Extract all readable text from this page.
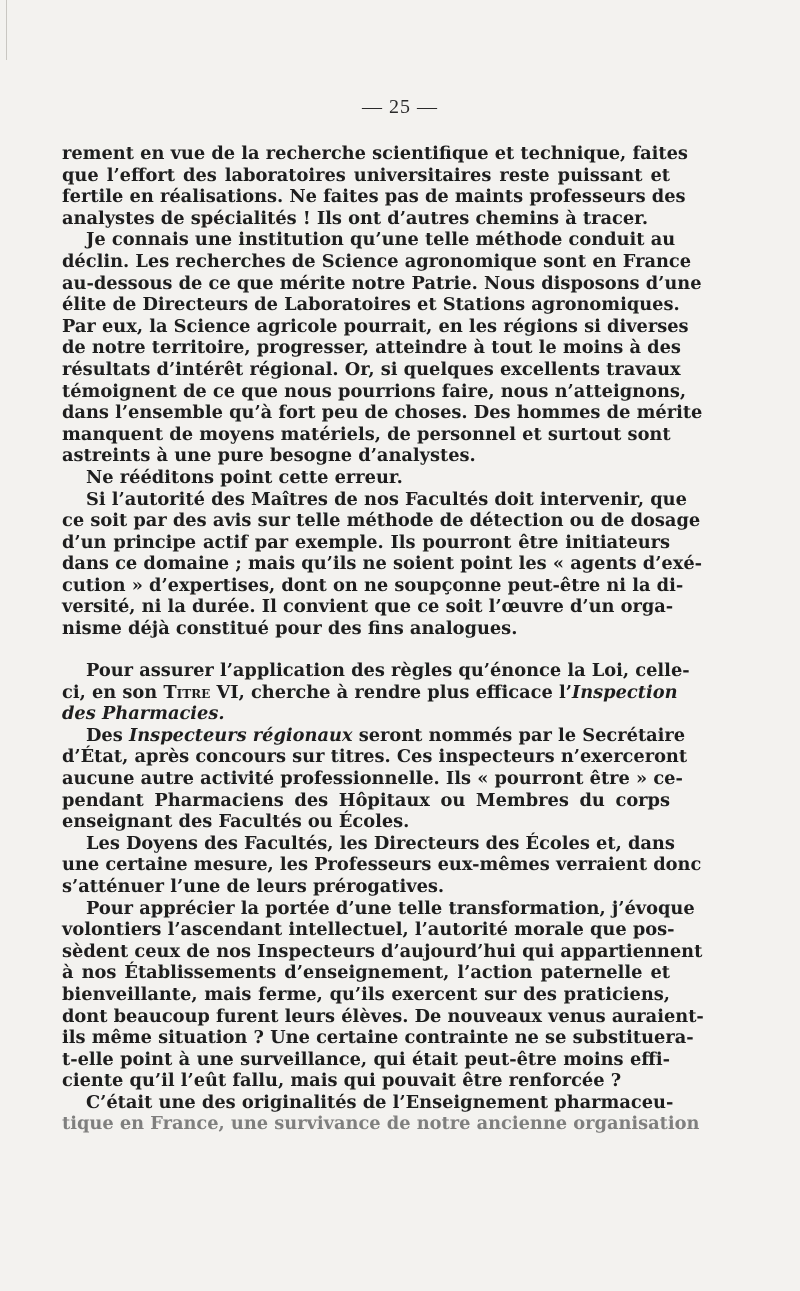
— 25 —
rement en vue de la recherche scientifique et technique, faites
que l’effort des laboratoires universitaires reste puissant et
fertile en réalisations. Ne faites pas de maints professeurs des
analystes de spécialités ! Ils ont d’autres chemins à tracer.
Je connais une institution qu’une telle méthode conduit au
déclin. Les recherches de Science agronomique sont en France
au-dessous de ce que mérite notre Patrie. Nous disposons d’une
élite de Directeurs de Laboratoires et Stations agronomiques.
Par eux, la Science agricole pourrait, en les régions si diverses
de notre territoire, progresser, atteindre à tout le moins à des
résultats d’intérêt régional. Or, si quelques excellents travaux
témoignent de ce que nous pourrions faire, nous n’atteignons,
dans l’ensemble qu’à fort peu de choses. Des hommes de mérite
manquent de moyens matériels, de personnel et surtout sont
astreints à une pure besogne d’analystes.
Ne rééditons point cette erreur.
Si l’autorité des Maîtres de nos Facultés doit intervenir, que
ce soit par des avis sur telle méthode de détection ou de dosage
d’un principe actif par exemple. Ils pourront être initiateurs
dans ce domaine ; mais qu’ils ne soient point les « agents d’exé-
cution » d’expertises, dont on ne soupçonne peut-être ni la di-
versité, ni la durée. Il convient que ce soit l’œuvre d’un orga-
nisme déjà constitué pour des fins analogues.
Pour assurer l’application des règles qu’énonce la Loi, celle-
ci, en son Titre VI, cherche à rendre plus efficace l’Inspection
des Pharmacies.
Des Inspecteurs régionaux seront nommés par le Secrétaire
d’État, après concours sur titres. Ces inspecteurs n’exerceront
aucune autre activité professionnelle. Ils « pourront être » ce-
pendant Pharmaciens des Hôpitaux ou Membres du corps
enseignant des Facultés ou Écoles.
Les Doyens des Facultés, les Directeurs des Écoles et, dans
une certaine mesure, les Professeurs eux-mêmes verraient donc
s’atténuer l’une de leurs prérogatives.
Pour apprécier la portée d’une telle transformation, j’évoque
volontiers l’ascendant intellectuel, l’autorité morale que pos-
sèdent ceux de nos Inspecteurs d’aujourd’hui qui appartiennent
à nos Établissements d’enseignement, l’action paternelle et
bienveillante, mais ferme, qu’ils exercent sur des praticiens,
dont beaucoup furent leurs élèves. De nouveaux venus auraient-
ils même situation ? Une certaine contrainte ne se substituera-
t-elle point à une surveillance, qui était peut-être moins effi-
ciente qu’il l’eût fallu, mais qui pouvait être renforcée ?
C’était une des originalités de l’Enseignement pharmaceu-
tique en France, une survivance de notre ancienne organisation
